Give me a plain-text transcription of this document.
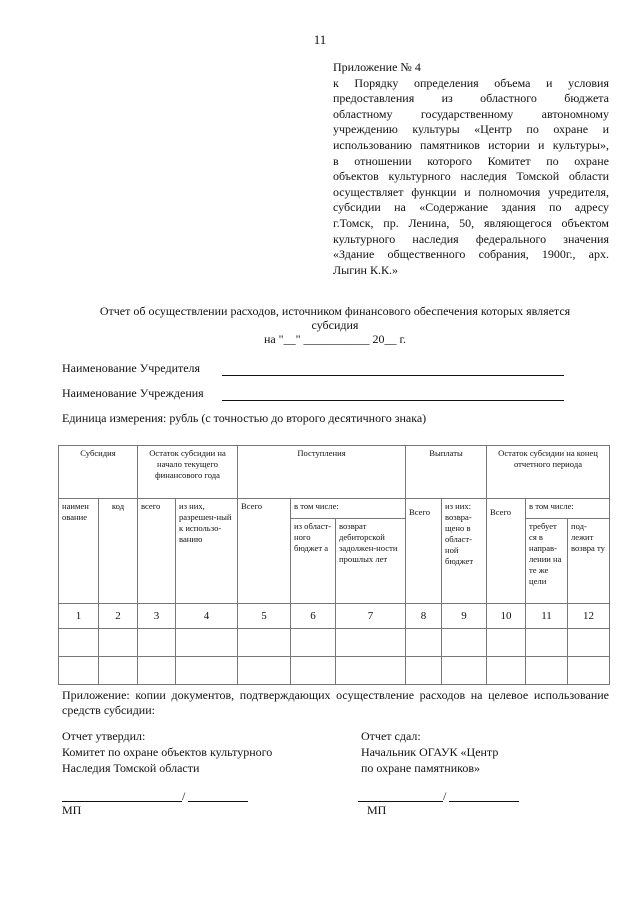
11
Приложение № 4
к Порядку определения объема и условия
предоставления из областного бюджета
областному государственному автономному
учреждению культуры «Центр по охране и
использованию памятников истории и культуры»,
в отношении которого Комитет по охране
объектов культурного наследия Томской области
осуществляет функции и полномочия учредителя,
субсидии на «Содержание здания по адресу
г.Томск, пр. Ленина, 50, являющегося объектом
культурного наследия федерального значения
«Здание общественного собрания, 1900г., арх.
Лыгин К.К.»
Отчет об осуществлении расходов, источником финансового обеспечения которых является
субсидия
на "__" ___________ 20__ г.
Наименование Учредителя
Наименование Учреждения
Единица измерения: рубль (с точностью до второго десятичного знака)
Субсидия		Остаток субсидии на начало текущего финансового года		Поступления			Выплаты		Остаток субсидии на конец отчетного периода		
наимен ование	код	всего	из них, разрешен-ный к использо-ванию	Всего	в том числе:		Всего	из них: возвра-щено в област-ной бюджет	Всего	в том числе:	
					из област-ного бюджет а	возврат дебиторской задолжен-ности прошлых лет				требует ся в направ-лении на те же цели	под-лежит возвра ту
1	2	3	4	5	6	7	8	9	10	11	12

Приложение: копии документов, подтверждающих осуществление расходов на целевое использование средств субсидии:
Отчет утвердил:
Комитет по охране объектов культурного
Наследия Томской области
/
МП
Отчет сдал:
Начальник ОГАУК «Центр
по охране памятников»
/
МП
